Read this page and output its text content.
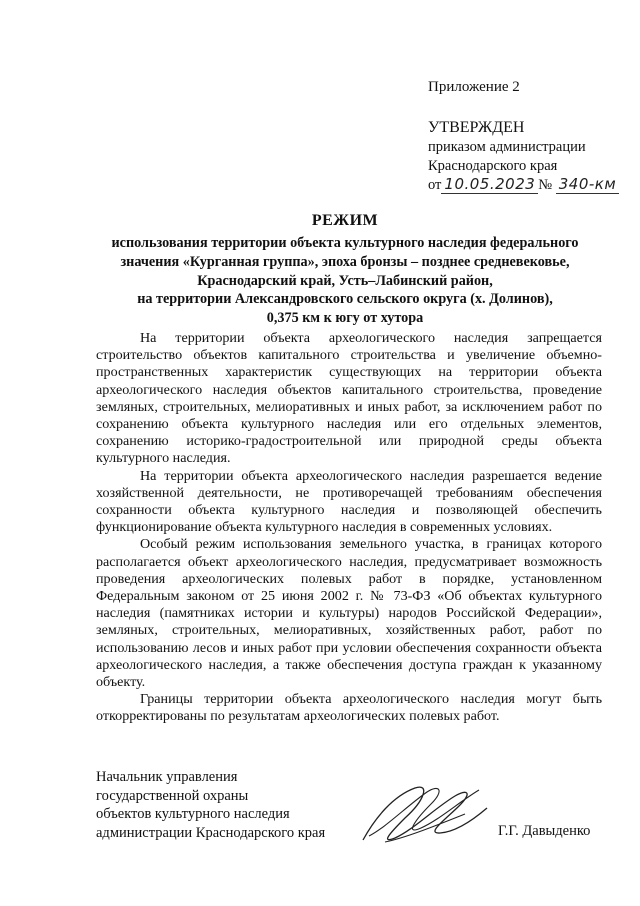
Приложение 2
УТВЕРЖДЕН
приказом администрации
Краснодарского края
от 10.05.2023 № 340-км
РЕЖИМ
использования территории объекта культурного наследия федерального
значения «Курганная группа», эпоха бронзы – позднее средневековье,
Краснодарский край, Усть–Лабинский район,
на территории Александровского сельского округа (х. Долинов),
0,375 км к югу от хутора

На территории объекта археологического наследия запрещается строительство объектов капитального строительства и увеличение объемно-пространственных характеристик существующих на территории объекта археологического наследия объектов капитального строительства, проведение земляных, строительных, мелиоративных и иных работ, за исключением работ по сохранению объекта культурного наследия или его отдельных элементов, сохранению историко-градостроительной или природной среды объекта культурного наследия.

На территории объекта археологического наследия разрешается ведение хозяйственной деятельности, не противоречащей требованиям обеспечения сохранности объекта культурного наследия и позволяющей обеспечить функционирование объекта культурного наследия в современных условиях.

Особый режим использования земельного участка, в границах которого располагается объект археологического наследия, предусматривает возможность проведения археологических полевых работ в порядке, установленном Федеральным законом от 25 июня 2002 г. № 73-ФЗ «Об объектах культурного наследия (памятниках истории и культуры) народов Российской Федерации», земляных, строительных, мелиоративных, хозяйственных работ, работ по использованию лесов и иных работ при условии обеспечения сохранности объекта археологического наследия, а также обеспечения доступа граждан к указанному объекту.

Границы территории объекта археологического наследия могут быть откорректированы по результатам археологических полевых работ.

Начальник управления
государственной охраны
объектов культурного наследия
администрации Краснодарского края	Г.Г. Давыденко
